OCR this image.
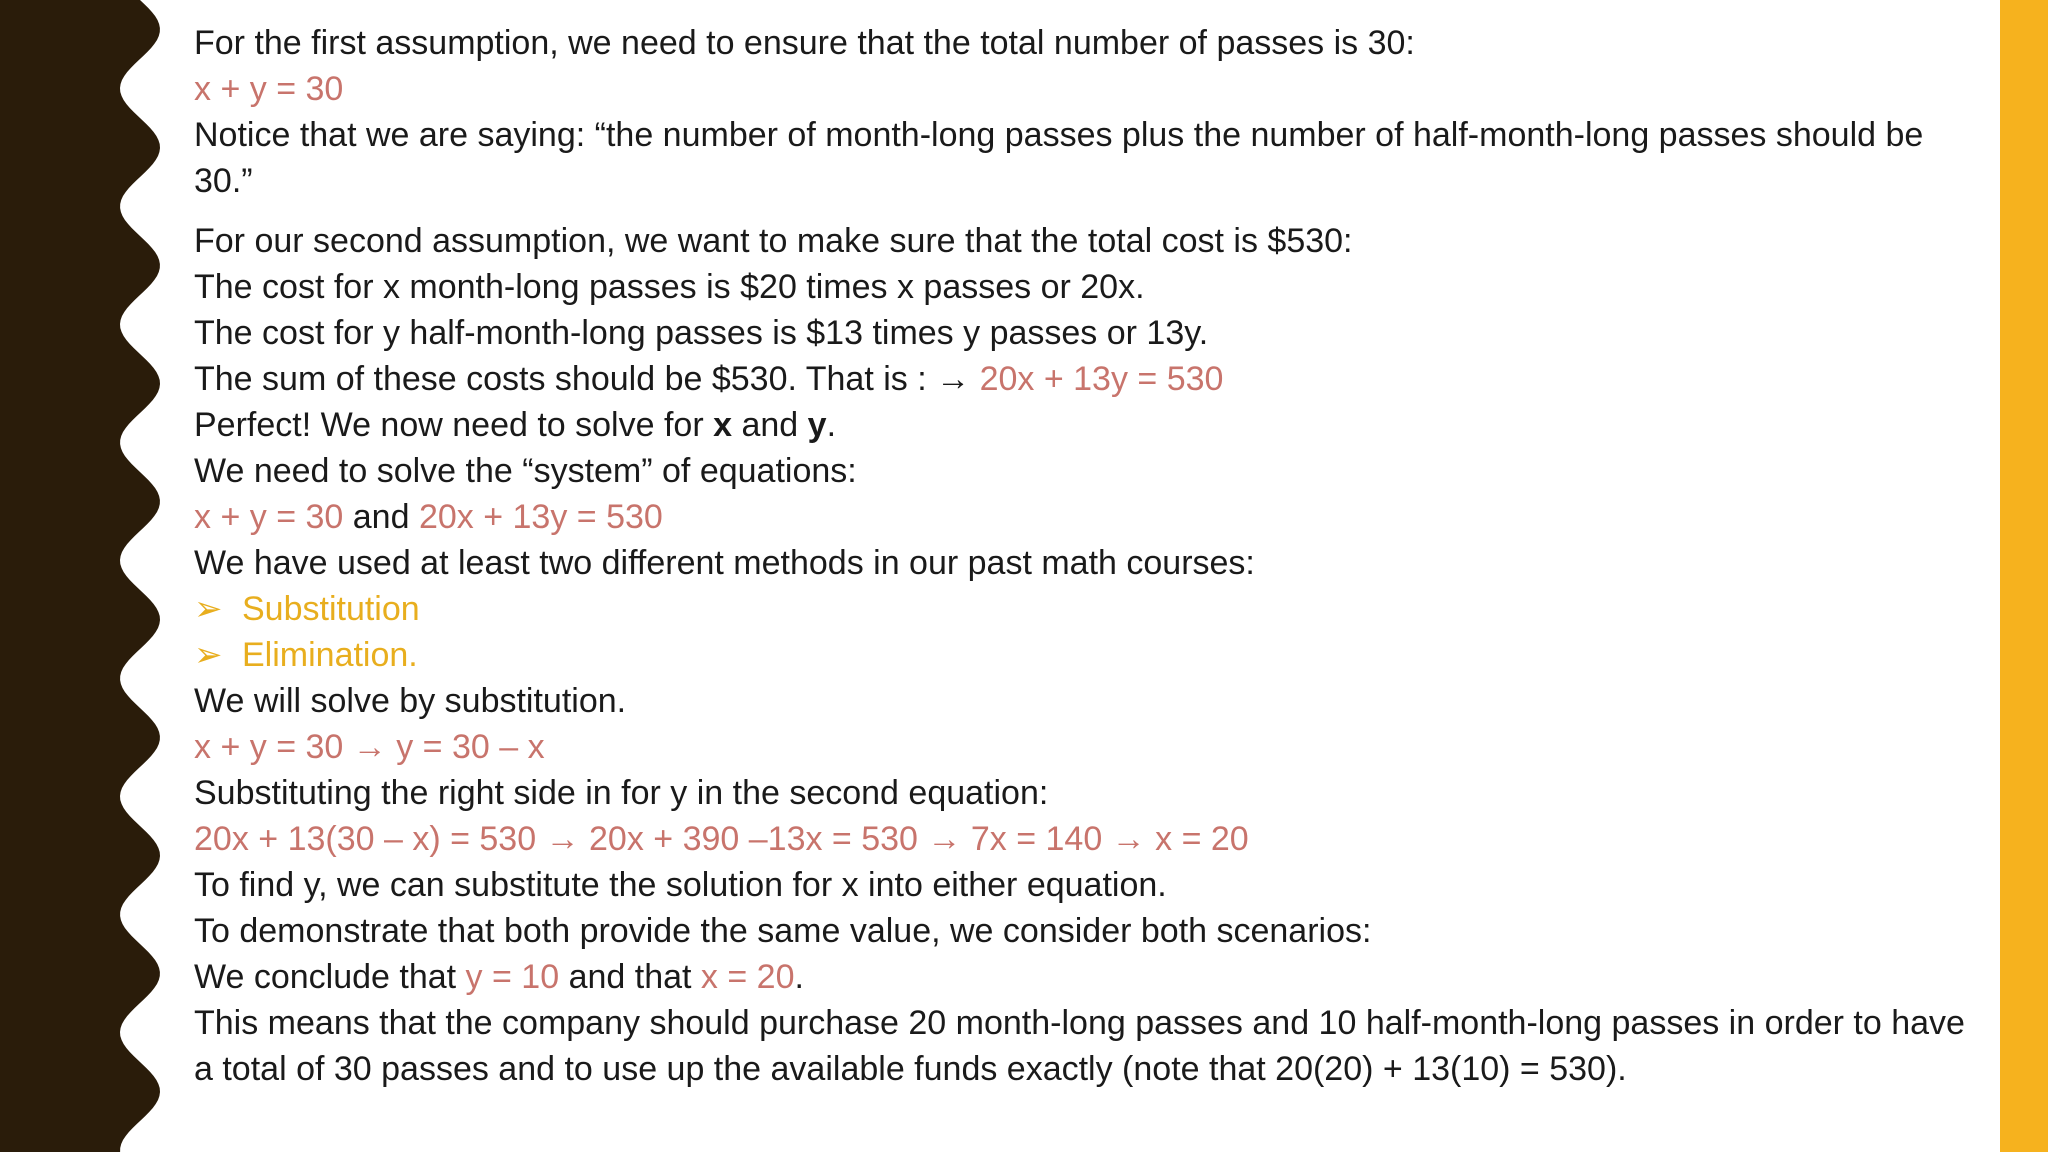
For the first assumption, we need to ensure that the total number of passes is 30:
x + y = 30
Notice that we are saying: “the number of month-long passes plus the number of half-month-long passes should be 30.”
For our second assumption, we want to make sure that the total cost is $530:
The cost for x month-long passes is $20 times x passes or 20x.
The cost for y half-month-long passes is $13 times y passes or 13y.
The sum of these costs should be $530. That is : → 20x + 13y = 530
Perfect! We now need to solve for x and y.
We need to solve the “system” of equations:
x + y = 30 and 20x + 13y = 530
We have used at least two different methods in our past math courses:
➢ Substitution
➢ Elimination.
We will solve by substitution.
x + y = 30 → y = 30 – x
Substituting the right side in for y in the second equation:
20x + 13(30 – x) = 530 → 20x + 390 –13x = 530 → 7x = 140 → x = 20
To find y, we can substitute the solution for x into either equation.
To demonstrate that both provide the same value, we consider both scenarios:
We conclude that y = 10 and that x = 20.
This means that the company should purchase 20 month-long passes and 10 half-month-long passes in order to have a total of 30 passes and to use up the available funds exactly (note that 20(20) + 13(10) = 530).
